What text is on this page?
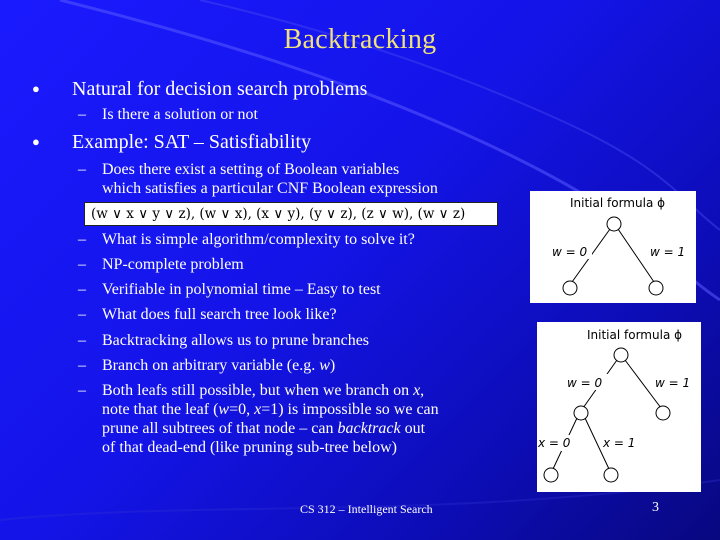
Backtracking
● Natural for decision search problems
– Is there a solution or not
● Example: SAT – Satisfiability
– Does there exist a setting of Boolean variables
which satisfies a particular CNF Boolean expression
(w ∨ x ∨ y ∨ z), (w ∨ x), (x ∨ y), (y ∨ z), (z ∨ w), (w ∨ z)
– What is simple algorithm/complexity to solve it?
– NP-complete problem
– Verifiable in polynomial time – Easy to test
– What does full search tree look like?
– Backtracking allows us to prune branches
– Branch on arbitrary variable (e.g. w)
– Both leafs still possible, but when we branch on x,
note that the leaf (w=0, x=1) is impossible so we can
prune all subtrees of that node – can backtrack out
of that dead-end (like pruning sub-tree below)
Initial formula ϕ
w = 0	w = 1
Initial formula ϕ
w = 0	w = 1
x = 0	x = 1
CS 312 – Intelligent Search	3
